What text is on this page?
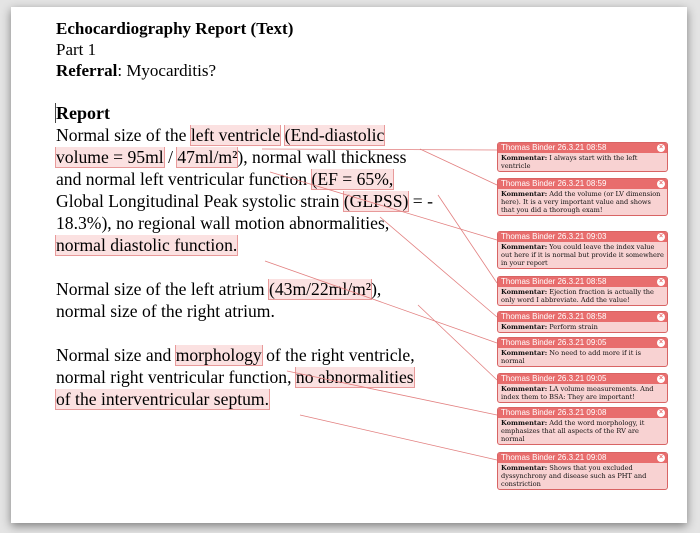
Echocardiography Report (Text)
Part 1
Referral: Myocarditis?
Report
Normal size of the left ventricle (End-diastolic
volume = 95ml / 47ml/m²), normal wall thickness
and normal left ventricular function (EF = 65%,
Global Longitudinal Peak systolic strain (GLPSS) = -
18.3%), no regional wall motion abnormalities,
normal diastolic function.
Normal size of the left atrium (43m/22ml/m²),
normal size of the right atrium.
Normal size and morphology of the right ventricle,
normal right ventricular function, no abnormalities
of the interventricular septum.
Thomas Binder 26.3.21 08:58	×
Kommentar: I always start with the left ventricle
Thomas Binder 26.3.21 08:59	×
Kommentar: Add the volume (or LV dimension here). It is a very important value and shows that you did a thorough exam!
Thomas Binder 26.3.21 09:03	×
Kommentar: You could leave the index value out here if it is normal but provide it somewhere in your report
Thomas Binder 26.3.21 08:58	×
Kommentar: Ejection fraction is actually the only word I abbreviate. Add the value!
Thomas Binder 26.3.21 08:58	×
Kommentar: Perform strain
Thomas Binder 26.3.21 09:05	×
Kommentar: No need to add more if it is normal
Thomas Binder 26.3.21 09:05	×
Kommentar: LA volume measurements. And index them to BSA: They are important!
Thomas Binder 26.3.21 09:08	×
Kommentar: Add the word morphology, it emphasizes that all aspects of the RV are normal
Thomas Binder 26.3.21 09:08	×
Kommentar: Shows that you excluded dyssynchrony and disease such as PHT and constriction
